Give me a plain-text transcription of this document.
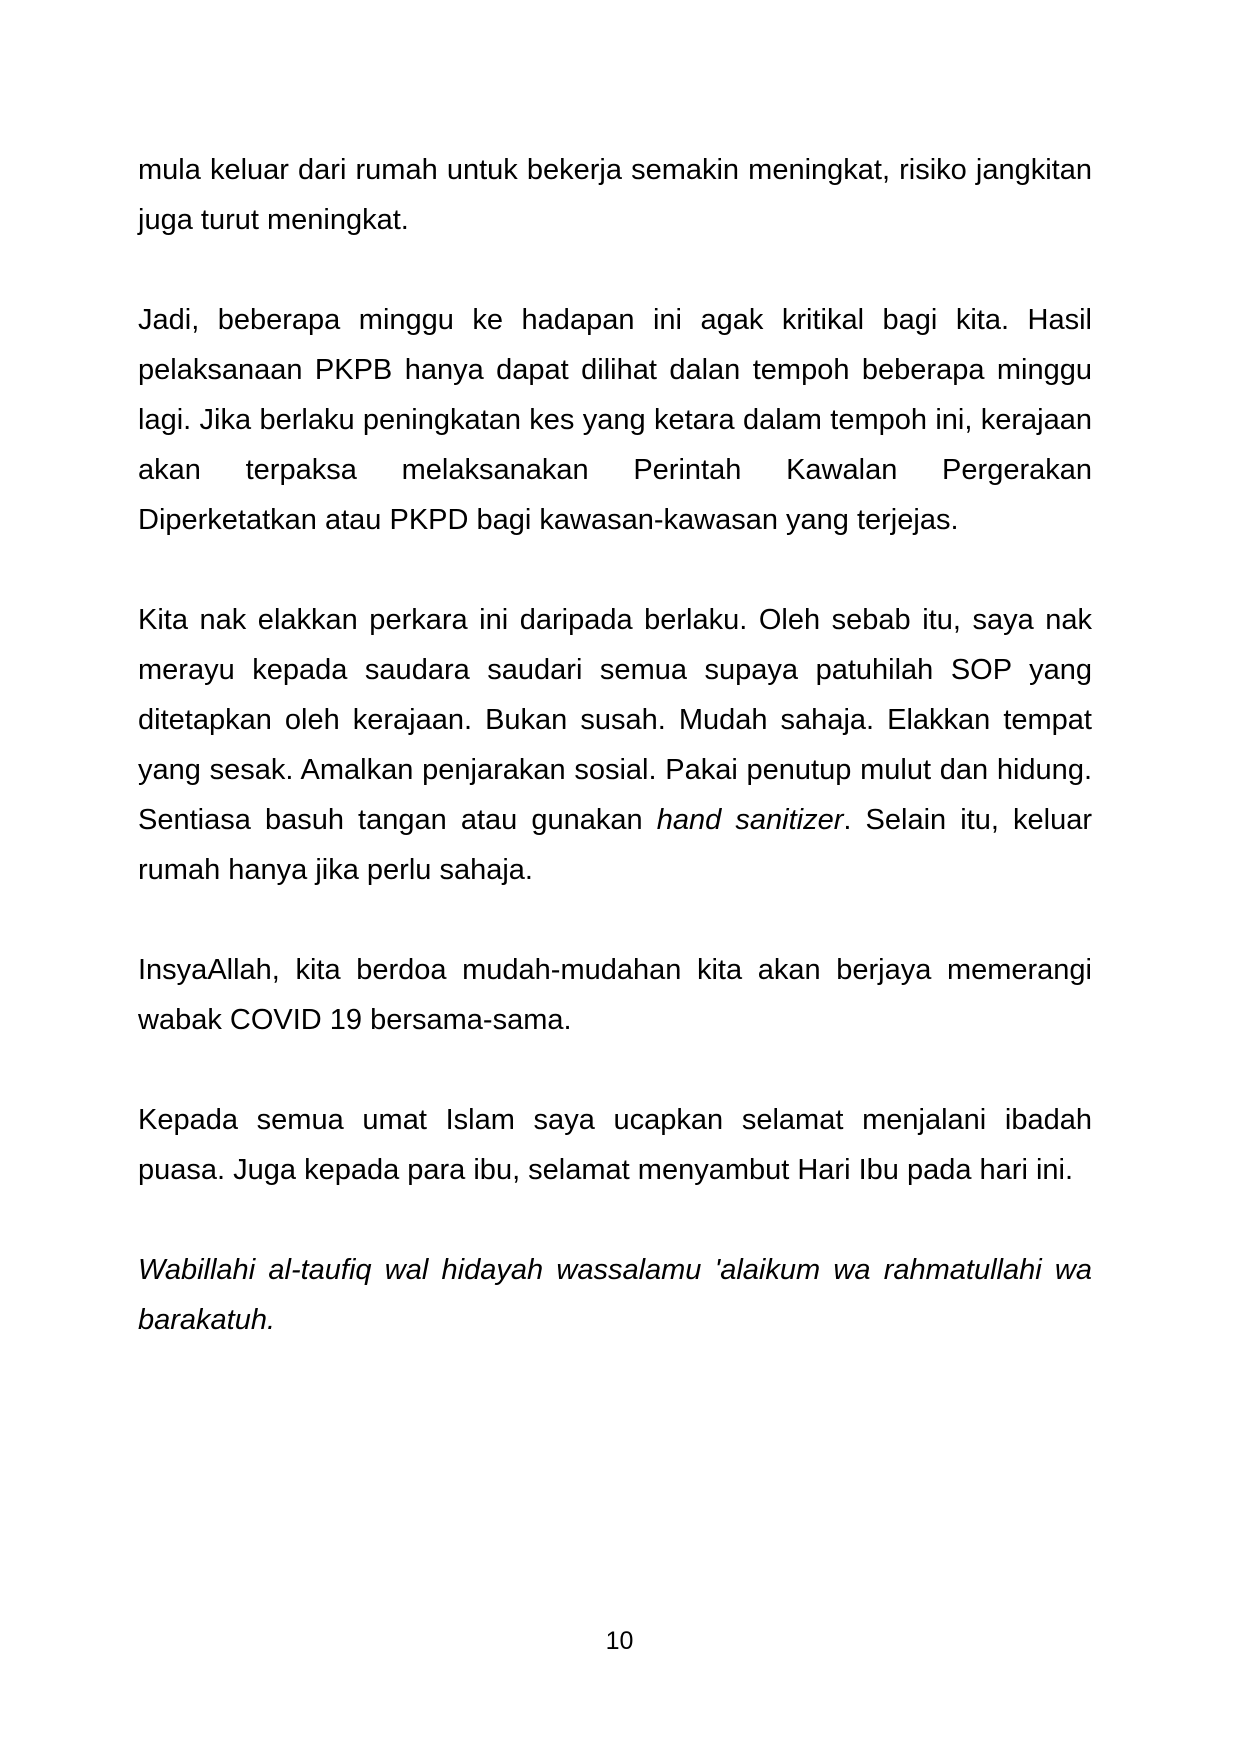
mula keluar dari rumah untuk bekerja semakin meningkat, risiko jangkitan juga turut meningkat.

Jadi, beberapa minggu ke hadapan ini agak kritikal bagi kita. Hasil pelaksanaan PKPB hanya dapat dilihat dalan tempoh beberapa minggu lagi. Jika berlaku peningkatan kes yang ketara dalam tempoh ini, kerajaan akan terpaksa melaksanakan Perintah Kawalan Pergerakan Diperketatkan atau PKPD bagi kawasan-kawasan yang terjejas.

Kita nak elakkan perkara ini daripada berlaku. Oleh sebab itu, saya nak merayu kepada saudara saudari semua supaya patuhilah SOP yang ditetapkan oleh kerajaan. Bukan susah. Mudah sahaja. Elakkan tempat yang sesak. Amalkan penjarakan sosial. Pakai penutup mulut dan hidung. Sentiasa basuh tangan atau gunakan hand sanitizer. Selain itu, keluar rumah hanya jika perlu sahaja.

InsyaAllah, kita berdoa mudah-mudahan kita akan berjaya memerangi wabak COVID 19 bersama-sama.

Kepada semua umat Islam saya ucapkan selamat menjalani ibadah puasa. Juga kepada para ibu, selamat menyambut Hari Ibu pada hari ini.

Wabillahi al-taufiq wal hidayah wassalamu 'alaikum wa rahmatullahi wa barakatuh.

10
